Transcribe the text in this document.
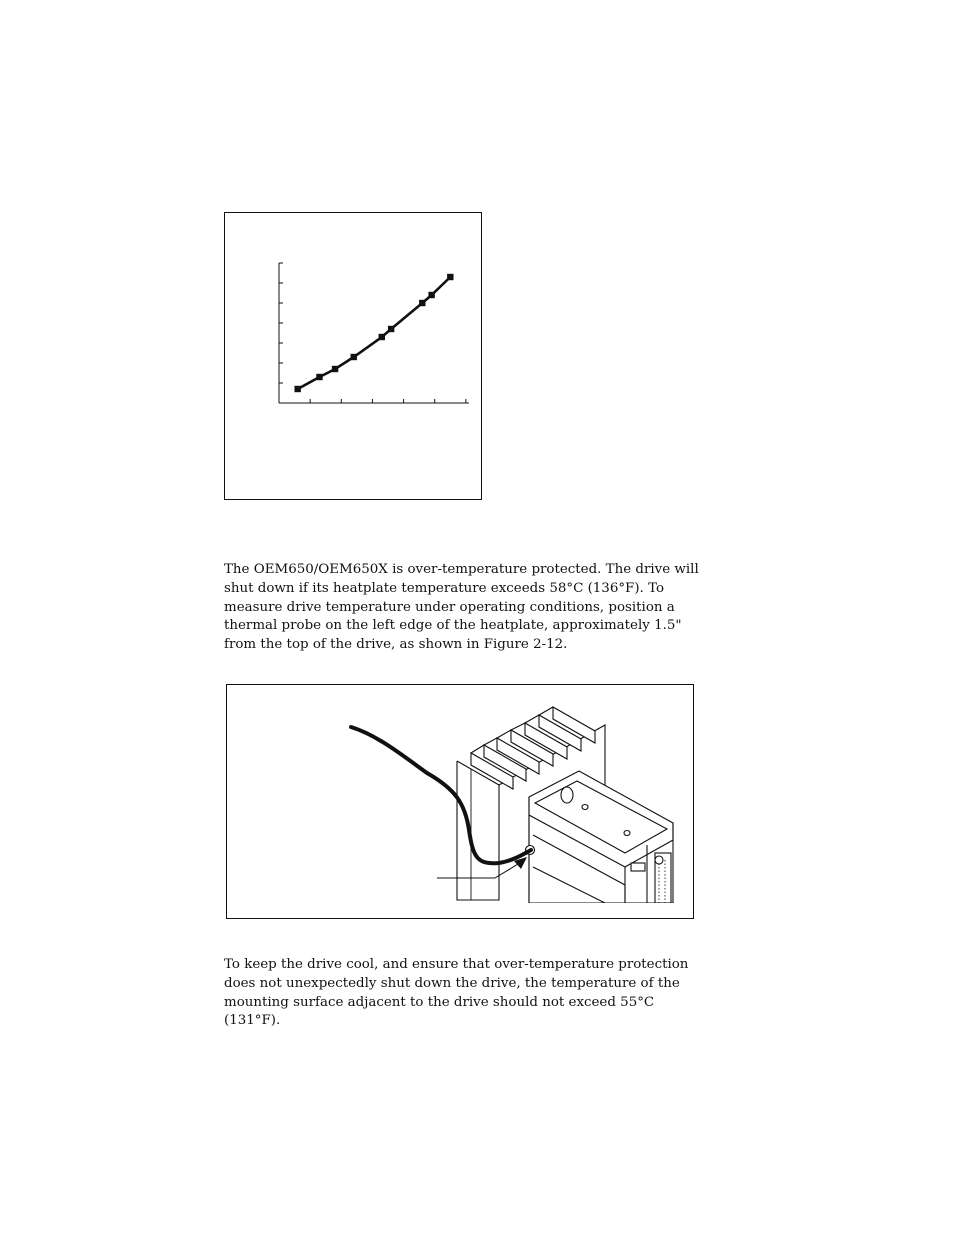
The OEM650/OEM650X is over-temperature protected. The drive will shut down if its heatplate temperature exceeds 58°C (136°F). To measure drive temperature under operating conditions, position a thermal probe on the left edge of the heatplate, approximately 1.5" from the top of the drive, as shown in Figure 2-12.

To keep the drive cool, and ensure that over-temperature protection does not unexpectedly shut down the drive, the temperature of the mounting surface adjacent to the drive should not exceed 55°C (131°F).
